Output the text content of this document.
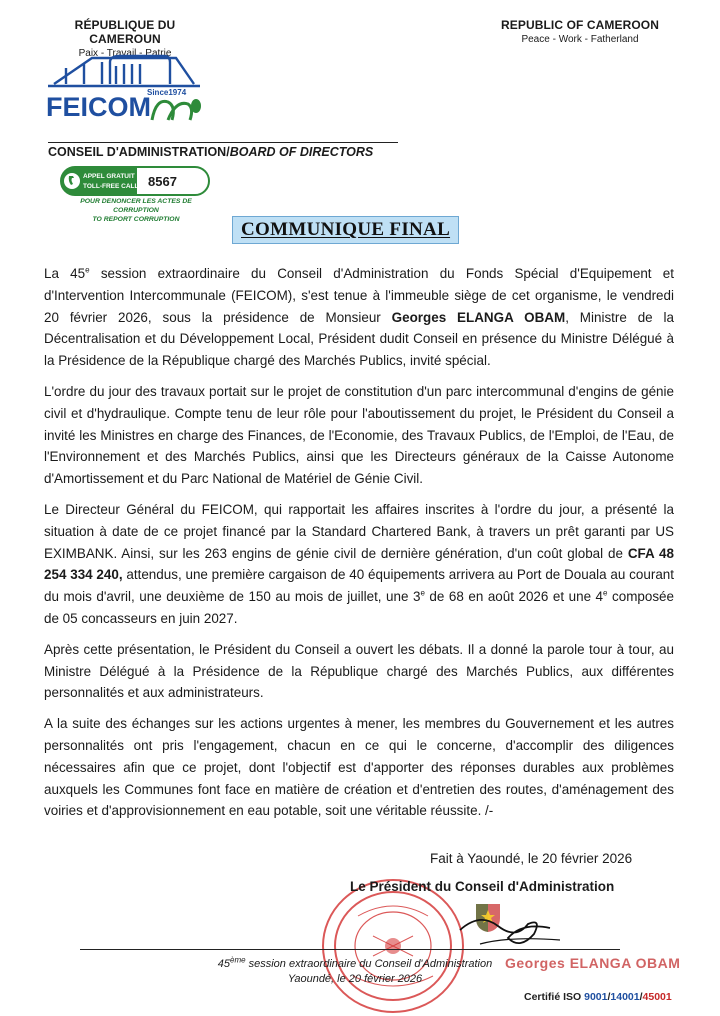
RÉPUBLIQUE DU CAMEROUN
Paix - Travail - Patrie
REPUBLIC OF CAMEROON
Peace - Work - Fatherland
FEICOM
Since1974
CONSEIL D'ADMINISTRATION/BOARD OF DIRECTORS
APPEL GRATUIT
TOLL-FREE CALL 8567
POUR DENONCER LES ACTES DE CORRUPTION
TO REPORT CORRUPTION	COMMUNIQUE FINAL

La 45e session extraordinaire du Conseil d'Administration du Fonds Spécial d'Equipement et d'Intervention Intercommunale (FEICOM), s'est tenue à l'immeuble siège de cet organisme, le vendredi 20 février 2026, sous la présidence de Monsieur Georges ELANGA OBAM, Ministre de la Décentralisation et du Développement Local, Président dudit Conseil en présence du Ministre Délégué à la Présidence de la République chargé des Marchés Publics, invité spécial.

L'ordre du jour des travaux portait sur le projet de constitution d'un parc intercommunal d'engins de génie civil et d'hydraulique. Compte tenu de leur rôle pour l'aboutissement du projet, le Président du Conseil a invité les Ministres en charge des Finances, de l'Economie, des Travaux Publics, de l'Emploi, de l'Eau, de l'Environnement et des Marchés Publics, ainsi que les Directeurs généraux de la Caisse Autonome d'Amortissement et du Parc National de Matériel de Génie Civil.

Le Directeur Général du FEICOM, qui rapportait les affaires inscrites à l'ordre du jour, a présenté la situation à date de ce projet financé par la Standard Chartered Bank, à travers un prêt garanti par US EXIMBANK. Ainsi, sur les 263 engins de génie civil de dernière génération, d'un coût global de CFA 48 254 334 240, attendus, une première cargaison de 40 équipements arrivera au Port de Douala au courant du mois d'avril, une deuxième de 150 au mois de juillet, une 3e de 68 en août 2026 et une 4e composée de 05 concasseurs en juin 2027.

Après cette présentation, le Président du Conseil a ouvert les débats. Il a donné la parole tour à tour, au Ministre Délégué à la Présidence de la République chargé des Marchés Publics, aux différentes personnalités et aux administrateurs.

A la suite des échanges sur les actions urgentes à mener, les membres du Gouvernement et les autres personnalités ont pris l'engagement, chacun en ce qui le concerne, d'accomplir des diligences nécessaires afin que ce projet, dont l'objectif est d'apporter des réponses durables aux problèmes auxquels les Communes font face en matière de création et d'entretien des routes, d'aménagement des voiries et d'approvisionnement en eau potable, soit une véritable réussite. /-

Fait à Yaoundé, le 20 février 2026
Le Président du Conseil d'Administration
Georges ELANGA OBAM
45ème session extraordinaire du Conseil d'Administration
Yaoundé, le 20 février 2026
Certifié ISO 9001/14001/45001
